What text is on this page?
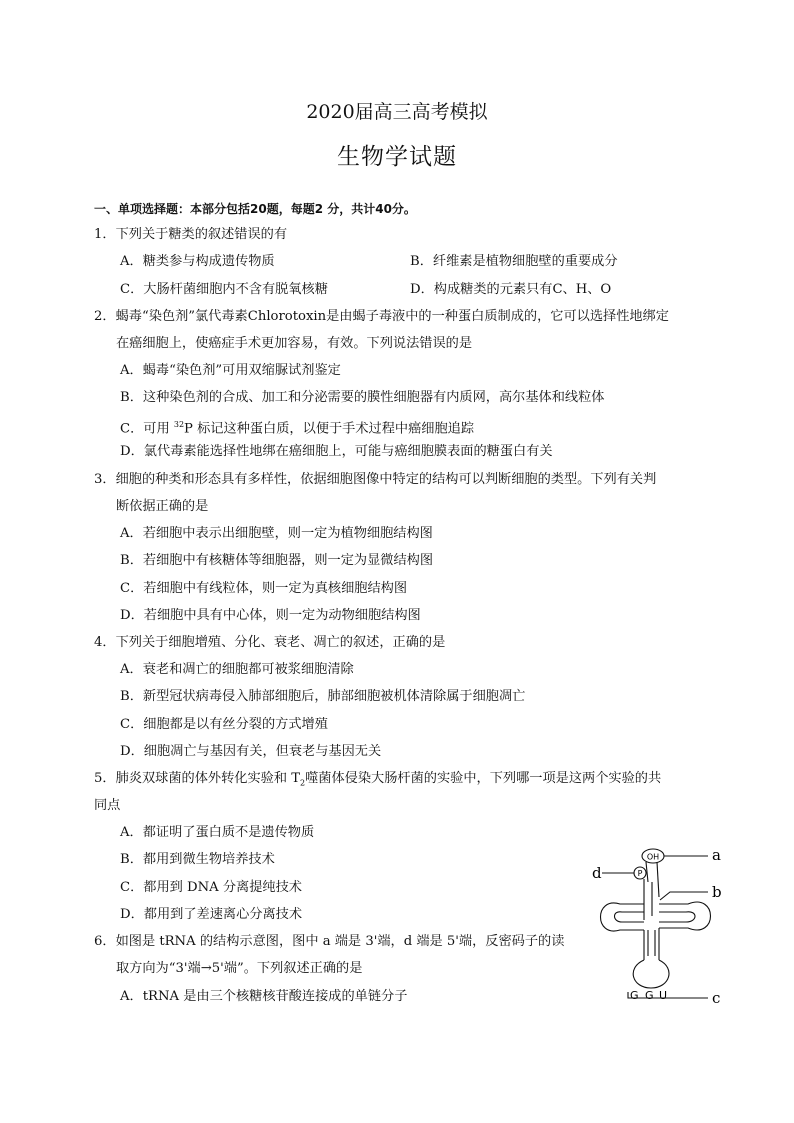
2020届高三高考模拟
生物学试题
一、单项选择题：本部分包括20题，每题2 分，共计40分。
1．下列关于糖类的叙述错误的有
A．糖类参与构成遗传物质	B．纤维素是植物细胞壁的重要成分
C．大肠杆菌细胞内不含有脱氧核糖	D．构成糖类的元素只有C、H、O
2．蝎毒“染色剂”氯代毒素Chlorotoxin是由蝎子毒液中的一种蛋白质制成的，它可以选择性地绑定
在癌细胞上，使癌症手术更加容易，有效。下列说法错误的是
A．蝎毒“染色剂”可用双缩脲试剂鉴定
B．这种染色剂的合成、加工和分泌需要的膜性细胞器有内质网，高尔基体和线粒体
C．可用 $^{32}$P 标记这种蛋白质，以便于手术过程中癌细胞追踪
D．氯代毒素能选择性地绑在癌细胞上，可能与癌细胞膜表面的糖蛋白有关
3．细胞的种类和形态具有多样性，依据细胞图像中特定的结构可以判断细胞的类型。下列有关判
断依据正确的是
A．若细胞中表示出细胞壁，则一定为植物细胞结构图
B．若细胞中有核糖体等细胞器，则一定为显微结构图
C．若细胞中有线粒体，则一定为真核细胞结构图
D．若细胞中具有中心体，则一定为动物细胞结构图
4．下列关于细胞增殖、分化、衰老、凋亡的叙述，正确的是
A．衰老和凋亡的细胞都可被浆细胞清除
B．新型冠状病毒侵入肺部细胞后，肺部细胞被机体清除属于细胞凋亡
C．细胞都是以有丝分裂的方式增殖
D．细胞凋亡与基因有关，但衰老与基因无关
5．肺炎双球菌的体外转化实验和 $T_2$噬菌体侵染大肠杆菌的实验中，下列哪一项是这两个实验的共
同点
A．都证明了蛋白质不是遗传物质
B．都用到微生物培养技术
C．都用到 DNA 分离提纯技术
D．都用到了差速离心分离技术
6．如图是 tRNA 的结构示意图，图中 a 端是 3'端，d 端是 5'端，反密码子的读
取方向为“3'端→5'端”。下列叙述正确的是
A．tRNA 是由三个核糖核苷酸连接成的单链分子
OH
P
a
d
b
c
G G U
